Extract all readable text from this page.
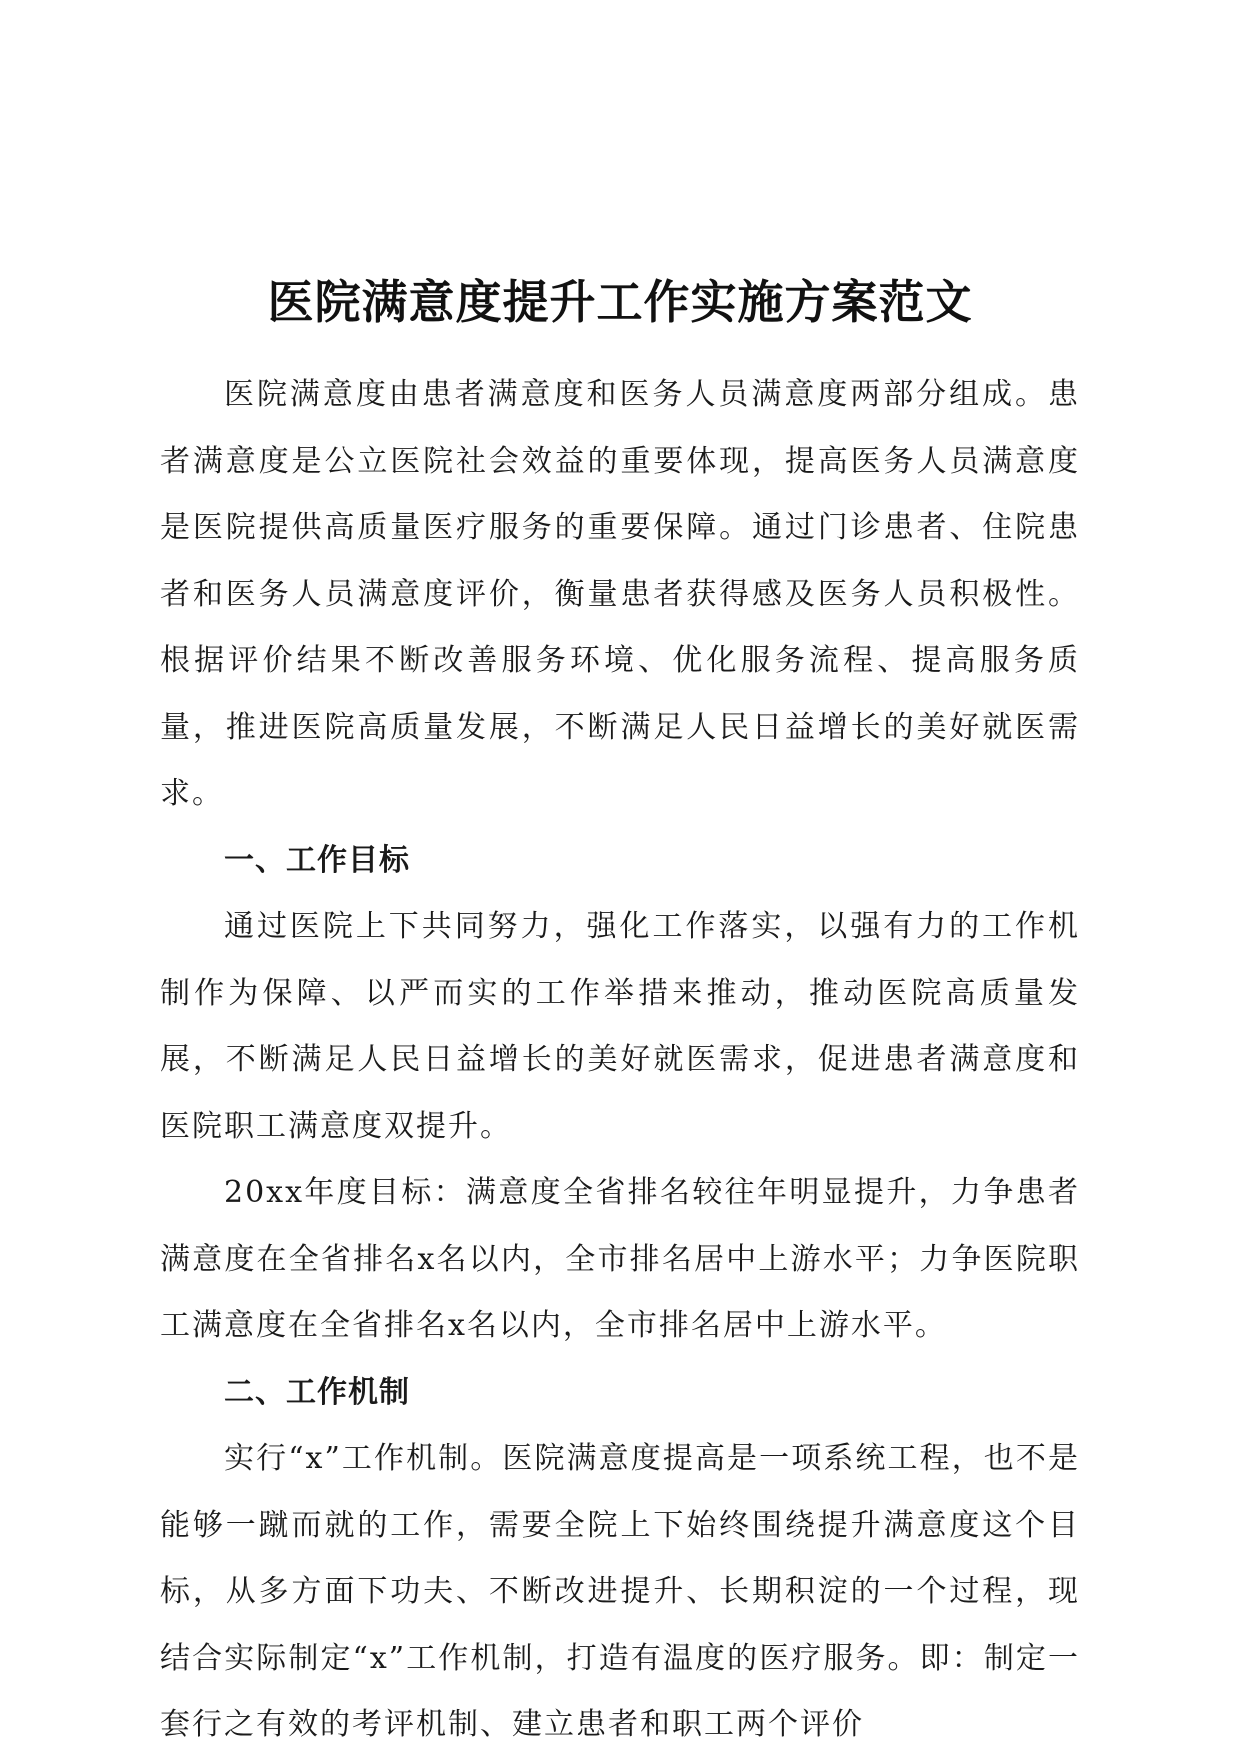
医院满意度提升工作实施方案范文

医院满意度由患者满意度和医务人员满意度两部分组成。患者满意度是公立医院社会效益的重要体现，提高医务人员满意度是医院提供高质量医疗服务的重要保障。通过门诊患者、住院患者和医务人员满意度评价，衡量患者获得感及医务人员积极性。根据评价结果不断改善服务环境、优化服务流程、提高服务质量，推进医院高质量发展，不断满足人民日益增长的美好就医需求。

一、工作目标

通过医院上下共同努力，强化工作落实，以强有力的工作机制作为保障、以严而实的工作举措来推动，推动医院高质量发展，不断满足人民日益增长的美好就医需求，促进患者满意度和医院职工满意度双提升。

20xx年度目标：满意度全省排名较往年明显提升，力争患者满意度在全省排名x名以内，全市排名居中上游水平；力争医院职工满意度在全省排名x名以内，全市排名居中上游水平。

二、工作机制

实行“x”工作机制。医院满意度提高是一项系统工程，也不是能够一蹴而就的工作，需要全院上下始终围绕提升满意度这个目标，从多方面下功夫、不断改进提升、长期积淀的一个过程，现结合实际制定“x”工作机制，打造有温度的医疗服务。即：制定一套行之有效的考评机制、建立患者和职工两个评价
